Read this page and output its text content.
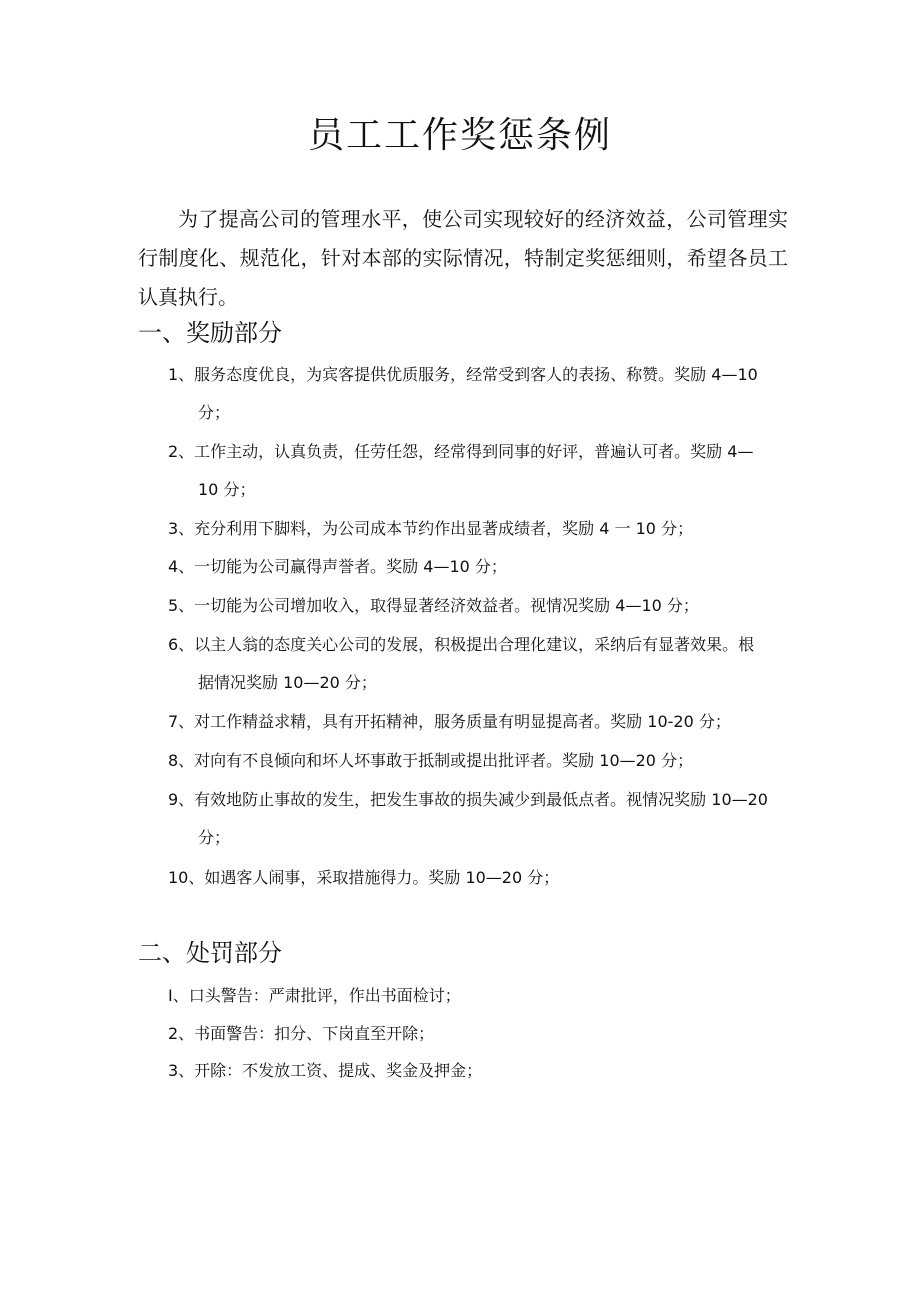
员工工作奖惩条例

为了提高公司的管理水平，使公司实现较好的经济效益，公司管理实行制度化、规范化，针对本部的实际情况，特制定奖惩细则，希望各员工认真执行。

一、奖励部分
1、服务态度优良，为宾客提供优质服务，经常受到客人的表扬、称赞。奖励 4—10
分；
2、工作主动，认真负责，任劳任怨，经常得到同事的好评，普遍认可者。奖励 4—
10 分；
3、充分利用下脚料，为公司成本节约作出显著成绩者，奖励 4 一 10 分；
4、一切能为公司赢得声誉者。奖励 4—10 分；
5、一切能为公司增加收入，取得显著经济效益者。视情况奖励 4—10 分；
6、以主人翁的态度关心公司的发展，积极提出合理化建议，采纳后有显著效果。根
据情况奖励 10—20 分；
7、对工作精益求精，具有开拓精神，服务质量有明显提高者。奖励 10-20 分；
8、对向有不良倾向和坏人坏事敢于抵制或提出批评者。奖励 10—20 分；
9、有效地防止事故的发生，把发生事故的损失减少到最低点者。视情况奖励 10—20
分；
10、如遇客人闹事，采取措施得力。奖励 10—20 分；
二、处罚部分
I、口头警告：严肃批评，作出书面检讨；
2、书面警告：扣分、下岗直至开除；
3、开除：不发放工资、提成、奖金及押金；
